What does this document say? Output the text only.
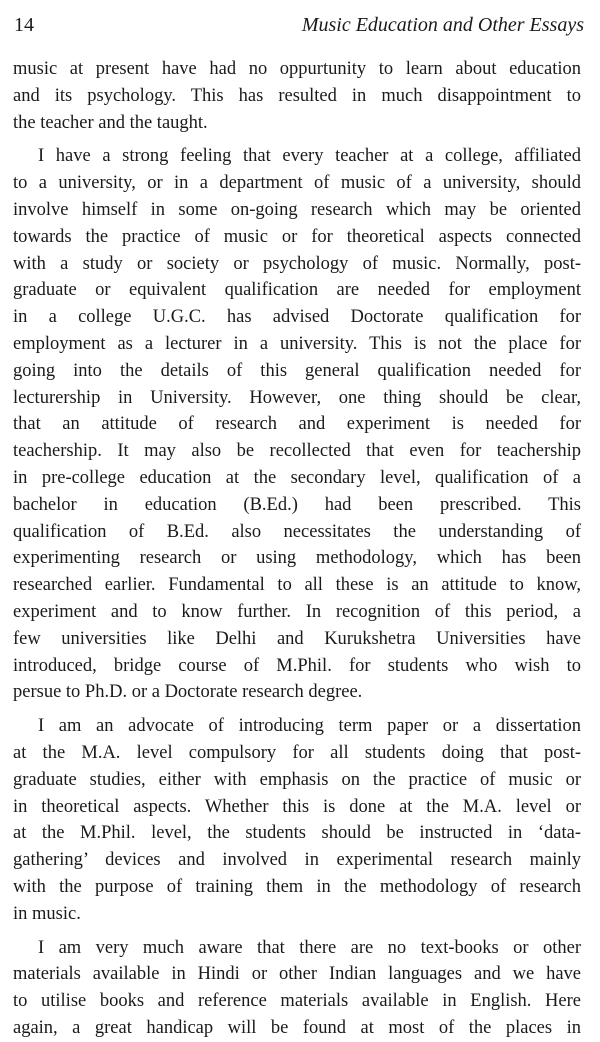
14	Music Education and Other Essays
music at present have had no oppurtunity to learn about education
and its psychology. This has resulted in much disappointment to
the teacher and the taught.
I have a strong feeling that every teacher at a college, affiliated
to a university, or in a department of music of a university, should
involve himself in some on-going research which may be oriented
towards the practice of music or for theoretical aspects connected
with a study or society or psychology of music. Normally, post-
graduate or equivalent qualification are needed for employment
in a college U.G.C. has advised Doctorate qualification for
employment as a lecturer in a university. This is not the place for
going into the details of this general qualification needed for
lecturership in University. However, one thing should be clear,
that an attitude of research and experiment is needed for
teachership. It may also be recollected that even for teachership
in pre-college education at the secondary level, qualification of a
bachelor in education (B.Ed.) had been prescribed. This
qualification of B.Ed. also necessitates the understanding of
experimenting research or using methodology, which has been
researched earlier. Fundamental to all these is an attitude to know,
experiment and to know further. In recognition of this period, a
few universities like Delhi and Kurukshetra Universities have
introduced, bridge course of M.Phil. for students who wish to
persue to Ph.D. or a Doctorate research degree.
I am an advocate of introducing term paper or a dissertation
at the M.A. level compulsory for all students doing that post-
graduate studies, either with emphasis on the practice of music or
in theoretical aspects. Whether this is done at the M.A. level or
at the M.Phil. level, the students should be instructed in ‘data-
gathering’ devices and involved in experimental research mainly
with the purpose of training them in the methodology of research
in music.
I am very much aware that there are no text-books or other
materials available in Hindi or other Indian languages and we have
to utilise books and reference materials available in English. Here
again, a great handicap will be found at most of the places in
